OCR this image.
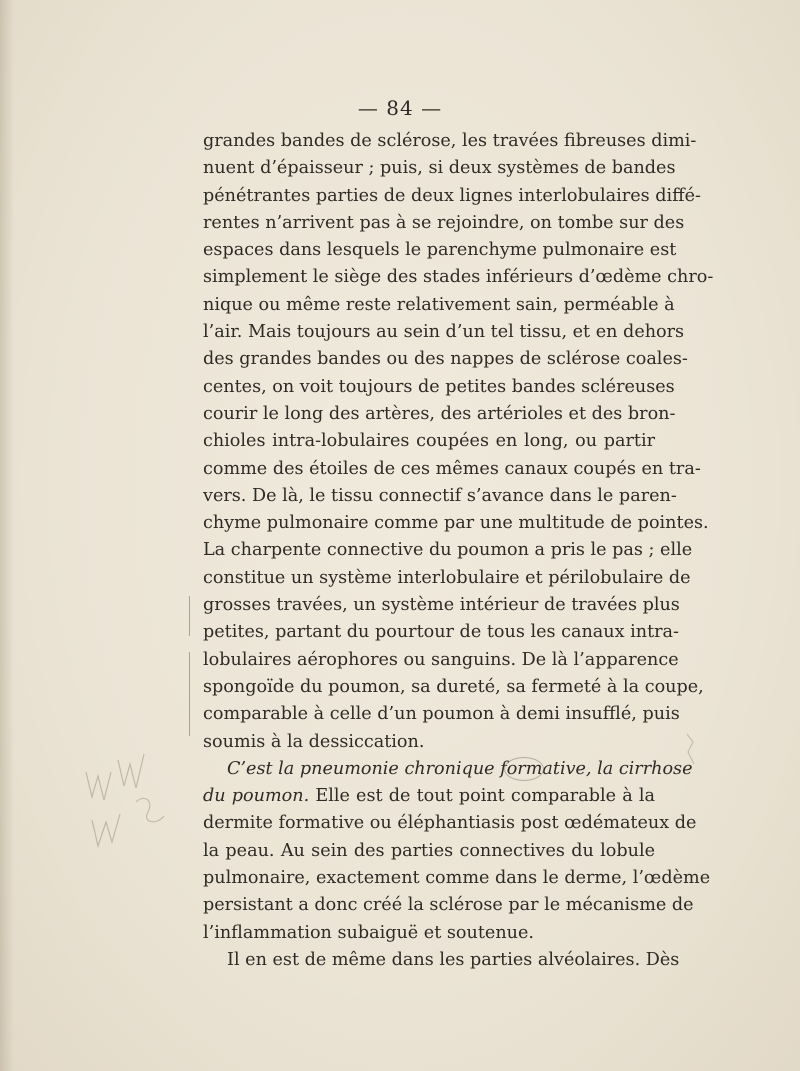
— 84 —
grandes bandes de sclérose, les travées fibreuses dimi-
nuent d’épaisseur ; puis, si deux systèmes de bandes
pénétrantes parties de deux lignes interlobulaires diffé-
rentes n’arrivent pas à se rejoindre, on tombe sur des
espaces dans lesquels le parenchyme pulmonaire est
simplement le siège des stades inférieurs d’œdème chro-
nique ou même reste relativement sain, perméable à
l’air. Mais toujours au sein d’un tel tissu, et en dehors
des grandes bandes ou des nappes de sclérose coales-
centes, on voit toujours de petites bandes scléreuses
courir le long des artères, des artérioles et des bron-
chioles intra-lobulaires coupées en long, ou partir
comme des étoiles de ces mêmes canaux coupés en tra-
vers. De là, le tissu connectif s’avance dans le paren-
chyme pulmonaire comme par une multitude de pointes.
La charpente connective du poumon a pris le pas ; elle
constitue un système interlobulaire et périlobulaire de
grosses travées, un système intérieur de travées plus
petites, partant du pourtour de tous les canaux intra-
lobulaires aérophores ou sanguins. De là l’apparence
spongoïde du poumon, sa dureté, sa fermeté à la coupe,
comparable à celle d’un poumon à demi insufflé, puis
soumis à la dessiccation.
C’est la pneumonie chronique formative, la cirrhose
du poumon. Elle est de tout point comparable à la
dermite formative ou éléphantiasis post œdémateux de
la peau. Au sein des parties connectives du lobule
pulmonaire, exactement comme dans le derme, l’œdème
persistant a donc créé la sclérose par le mécanisme de
l’inflammation subaiguë et soutenue.
Il en est de même dans les parties alvéolaires. Dès
